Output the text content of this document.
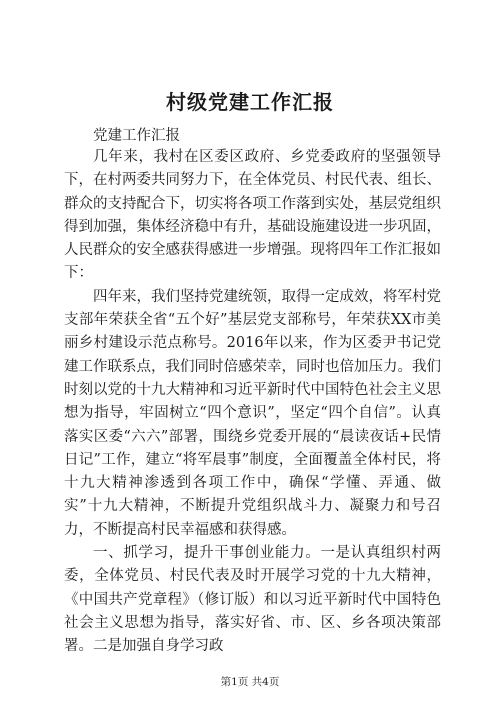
村级党建工作汇报
党建工作汇报

几年来，我村在区委区政府、乡党委政府的坚强领导下，在村两委共同努力下，在全体党员、村民代表、组长、群众的支持配合下，切实将各项工作落到实处，基层党组织得到加强，集体经济稳中有升，基础设施建设进一步巩固，人民群众的安全感获得感进一步增强。现将四年工作汇报如下：

四年来，我们坚持党建统领，取得一定成效，将军村党支部年荣获全省“五个好”基层党支部称号，年荣获XX市美丽乡村建设示范点称号。2016年以来，作为区委尹书记党建工作联系点，我们同时倍感荣幸，同时也倍加压力。我们时刻以党的十九大精神和习近平新时代中国特色社会主义思想为指导，牢固树立“四个意识”，坚定“四个自信”。认真落实区委“六六”部署，围绕乡党委开展的“晨读夜话+民情日记”工作，建立“将军晨事”制度，全面覆盖全体村民，将十九大精神渗透到各项工作中，确保“学懂、弄通、做实”十九大精神，不断提升党组织战斗力、凝聚力和号召力，不断提高村民幸福感和获得感。

一、抓学习，提升干事创业能力。一是认真组织村两委，全体党员、村民代表及时开展学习党的十九大精神，《中国共产党章程》（修订版）和以习近平新时代中国特色社会主义思想为指导，落实好省、市、区、乡各项决策部署。二是加强自身学习政

第1页 共4页
